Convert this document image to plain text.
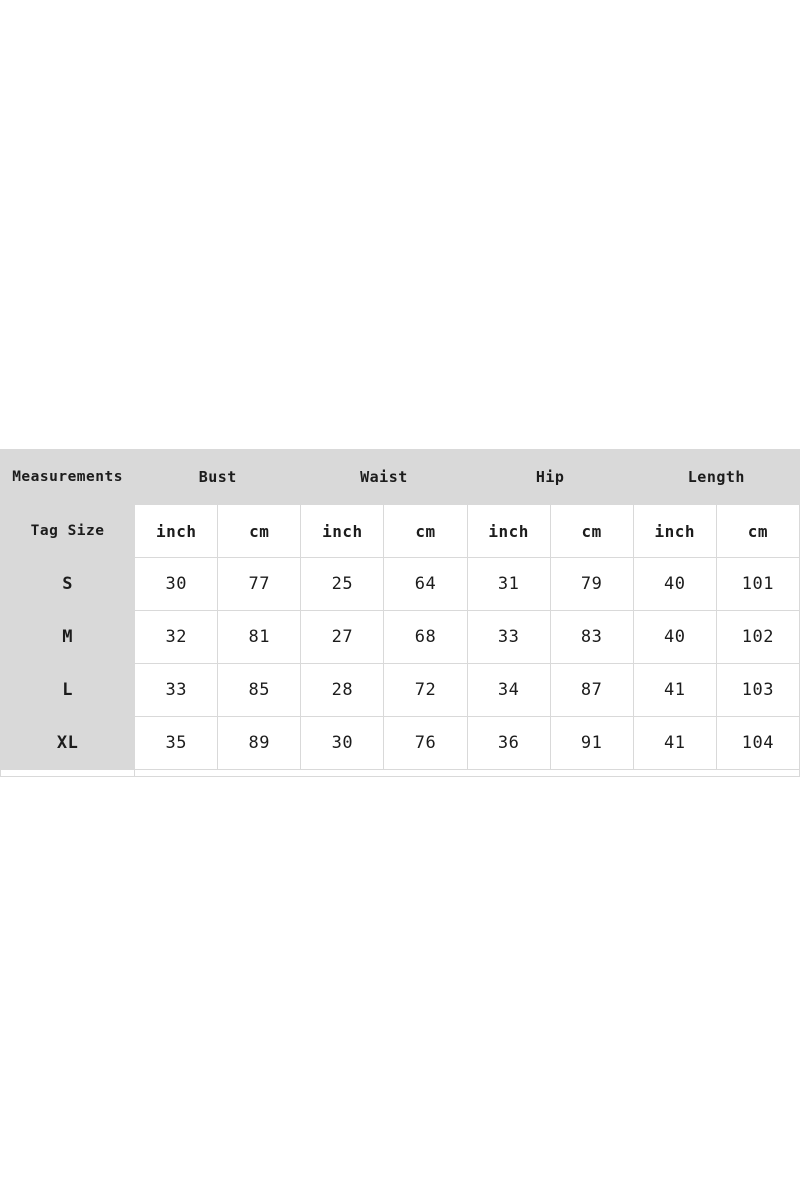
Measurements	Bust		Waist		Hip		Length	
Tag Size	inch	cm	inch	cm	inch	cm	inch	cm
S	30	77	25	64	31	79	40	101
M	32	81	27	68	33	83	40	102
L	33	85	28	72	34	87	41	103
XL	35	89	30	76	36	91	41	104
